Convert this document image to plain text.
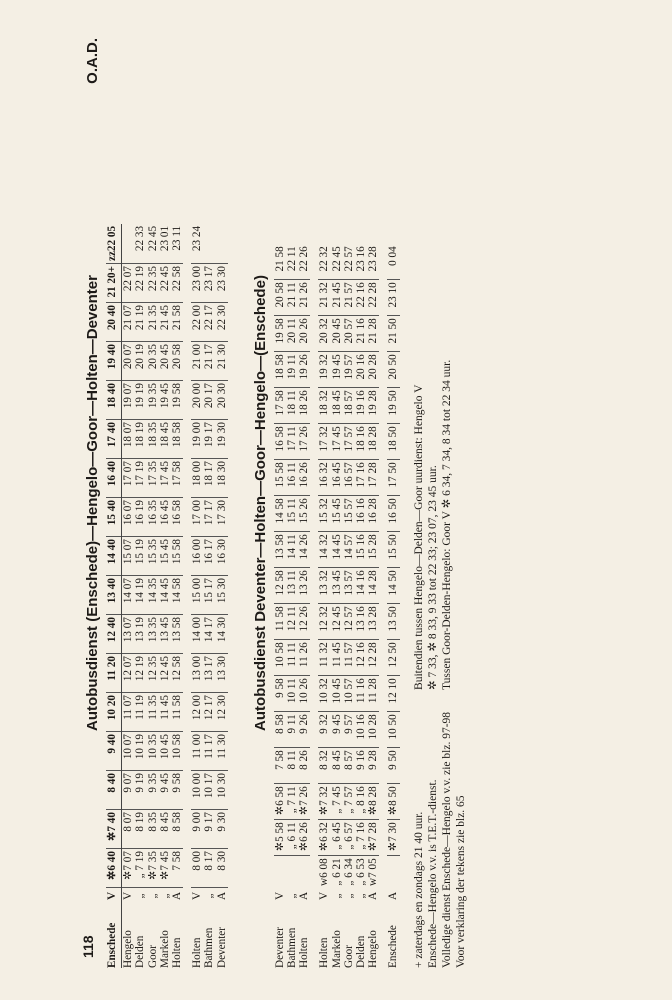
118
Autobusdienst (Enschede)—Hengelo—Goor—Holten—Deventer
O.A.D.
Enschede	V	✲6 40	✲7 40	8 40	9 40	10 20	11 20	12 40	13 40	14 40	15 40	16 40	17 40	18 40	19 40	20 40	21 20+	zz22 05
Hengelo	V	✲7 07	8 07	9 07	10 07	11 07	12 07	13 07	14 07	15 07	16 07	17 07	18 07	19 07	20 07	21 07	22 07	
Delden	„	„ 7 19	8 19	9 19	10 19	11 19	12 19	13 19	14 19	15 19	16 19	17 19	18 19	19 19	20 19	21 19	22 19	22 33
Goor	„	✲7 35	8 35	9 35	10 35	11 35	12 35	13 35	14 35	15 35	16 35	17 35	18 35	19 35	20 35	21 35	22 35	22 45
Markelo	„	✲7 45	8 45	9 45	10 45	11 45	12 45	13 45	14 45	15 45	16 45	17 45	18 45	19 45	20 45	21 45	22 45	23 01
Holten	A	7 58	8 58	9 58	10 58	11 58	12 58	13 58	14 58	15 58	16 58	17 58	18 58	19 58	20 58	21 58	22 58	23 11

Holten	V	8 00	9 00	10 00	11 00	12 00	13 00	14 00	15 00	16 00	17 00	18 00	19 00	20 00	21 00	22 00	23 00	23 24
Bathmen	„	8 17	9 17	10 17	11 17	12 17	13 17	14 17	15 17	16 17	17 17	18 17	19 17	20 17	21 17	22 17	23 17	
Deventer	A	8 30	9 30	10 30	11 30	12 30	13 30	14 30	15 30	16 30	17 30	18 30	19 30	20 30	21 30	22 30	23 30	Autobusdienst Deventer—Holten—Goor—Hengelo—(Enschede)
Deventer	V		✲5 58	✲6 58	7 58	8 58	9 58	10 58	11 58	12 58	13 58	14 58	15 58	16 58	17 58	18 58	19 58	20 58	21 58
Bathmen	„		„ 6 11	„ 7 11	8 11	9 11	10 11	11 11	12 11	13 11	14 11	15 11	16 11	17 11	18 11	19 11	20 11	21 11	22 11
Holten	A		✲6 26	✲7 26	8 26	9 26	10 26	11 26	12 26	13 26	14 26	15 26	16 26	17 26	18 26	19 26	20 26	21 26	22 26

Holten	V	w6 08	✲6 32	✲7 32	8 32	9 32	10 32	11 32	12 32	13 32	14 32	15 32	16 32	17 32	18 32	19 32	20 32	21 32	22 32
Markelo	„	„ 6 21	„ 6 45	„ 7 45	8 45	9 45	10 45	11 45	12 45	13 45	14 45	15 45	16 45	17 45	18 45	19 45	20 45	21 45	22 45
Goor	„	„ 6 34	„ 6 57	„ 7 57	8 57	9 57	10 57	11 57	12 57	13 57	14 57	15 57	16 57	17 57	18 57	19 57	20 57	21 57	22 57
Delden	„	„ 6 53	„ 7 16	„ 8 16	9 16	10 16	11 16	12 16	13 16	14 16	15 16	16 16	17 16	18 16	19 16	20 16	21 16	22 16	23 16
Hengelo	A	w7 05	✲7 28	✲8 28	9 28	10 28	11 28	12 28	13 28	14 28	15 28	16 28	17 28	18 28	19 28	20 28	21 28	22 28	23 28

Enschede	A		✲7 30	✲8 50	9 50	10 50	12 10	12 50	13 50	14 50	15 50	16 50	17 50	18 50	19 50	20 50	21 50	23 10	0 04
+ zaterdags en zondags 21 40 uur. Enschede—Hengelo v.v. is T.E.T.-dienst. Volledige dienst Enschede—Hengelo v.v. zie blz. 97-98 Voor verklaring der tekens zie blz. 65
Buitendien tussen Hengelo—Delden—Goor uurdienst: Hengelo V ✲ 7 33, ✲ 8 33, 9 33 tot 22 33; 23 07, 23 45 uur. Tussen Goor-Delden-Hengelo: Goor V ✲ 6 34, 7 34, 8 34 tot 22 34 uur.
